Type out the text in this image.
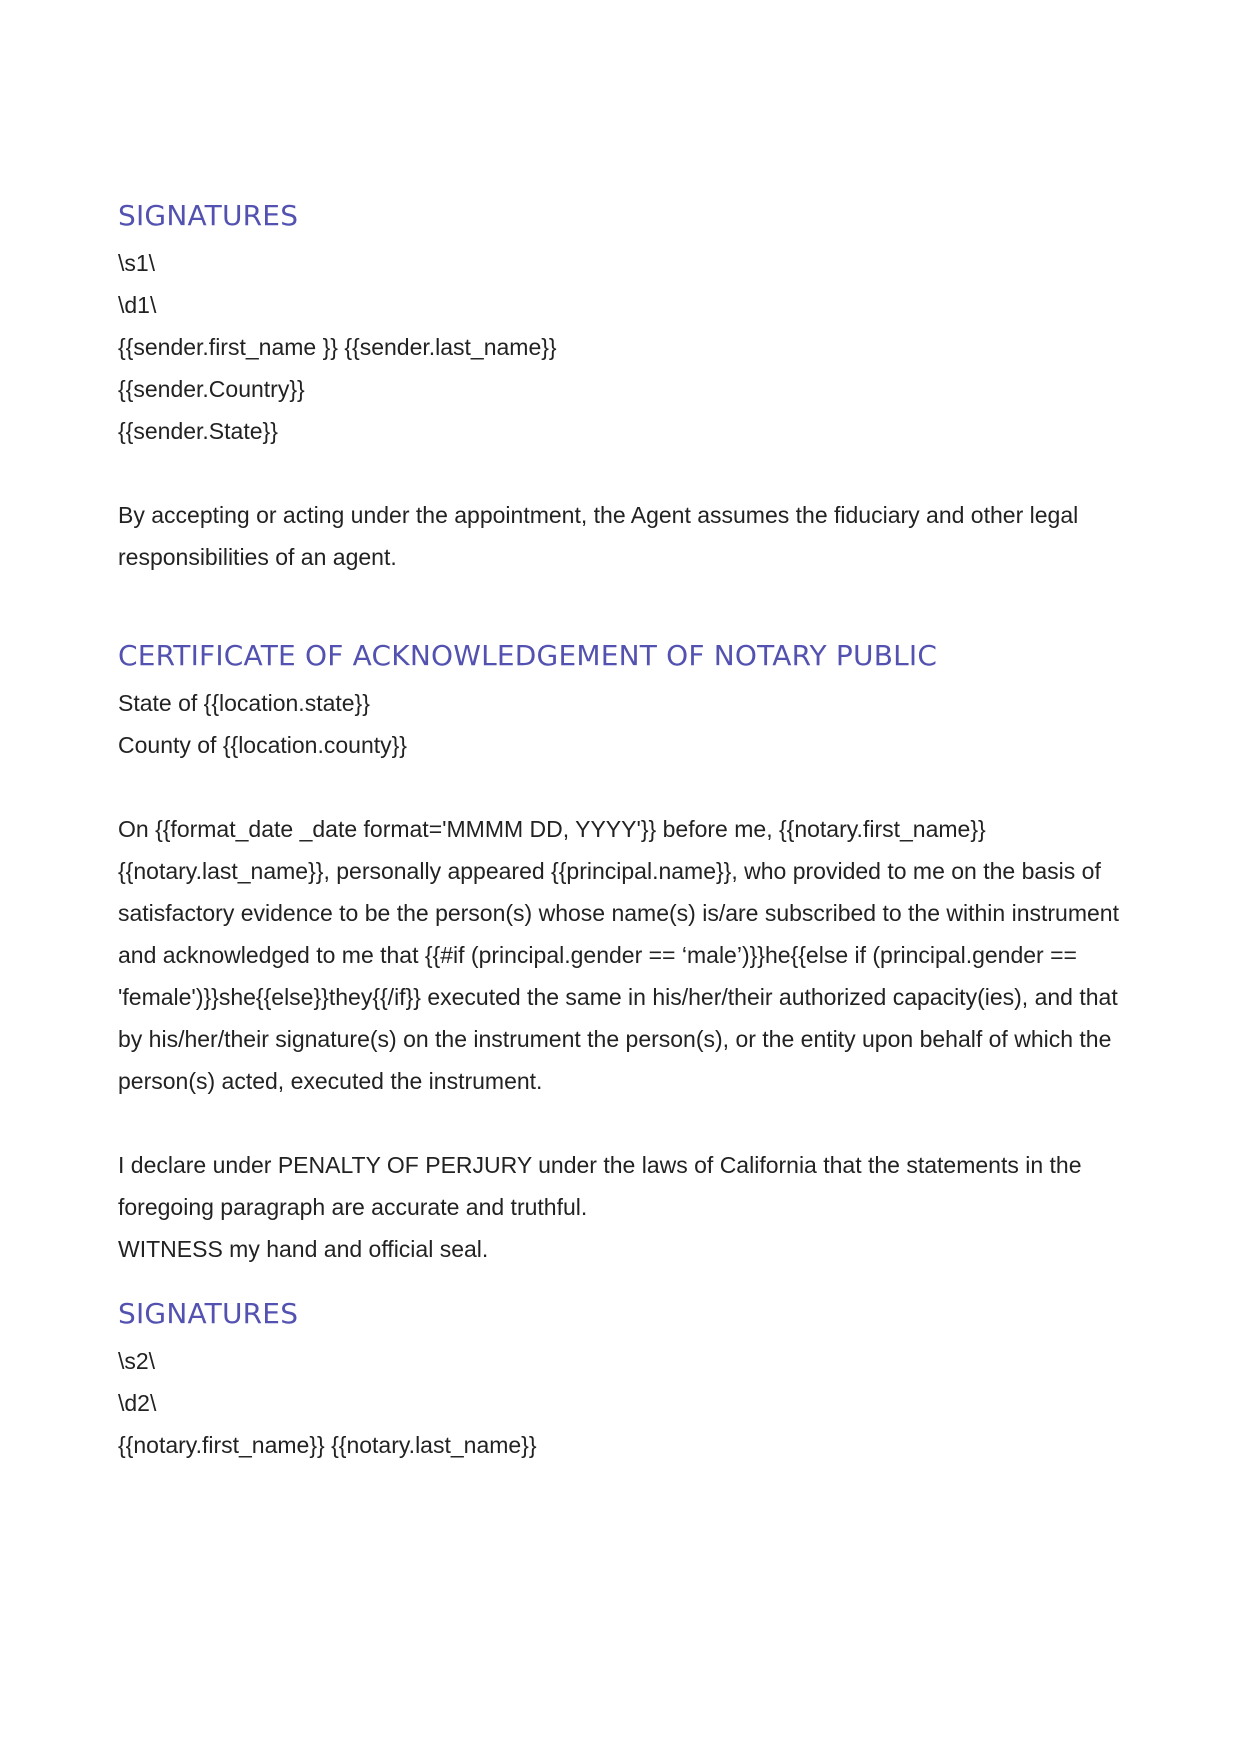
SIGNATURES
\s1\
\d1\
{{sender.first_name }} {{sender.last_name}}
{{sender.Country}}
{{sender.State}}
By accepting or acting under the appointment, the Agent assumes the fiduciary and other legal responsibilities of an agent.
CERTIFICATE OF ACKNOWLEDGEMENT OF NOTARY PUBLIC
State of {{location.state}}
County of {{location.county}}
On {{format_date _date format='MMMM DD, YYYY'}} before me, {{notary.first_name}} {{notary.last_name}}, personally appeared {{principal.name}}, who provided to me on the basis of satisfactory evidence to be the person(s) whose name(s) is/are subscribed to the within instrument and acknowledged to me that {{#if (principal.gender == ‘male’)}}he{{else if (principal.gender == 'female')}}she{{else}}they{{/if}} executed the same in his/her/their authorized capacity(ies), and that by his/her/their signature(s) on the instrument the person(s), or the entity upon behalf of which the person(s) acted, executed the instrument.
I declare under PENALTY OF PERJURY under the laws of California that the statements in the foregoing paragraph are accurate and truthful.
WITNESS my hand and official seal.
SIGNATURES
\s2\
\d2\
{{notary.first_name}} {{notary.last_name}}
